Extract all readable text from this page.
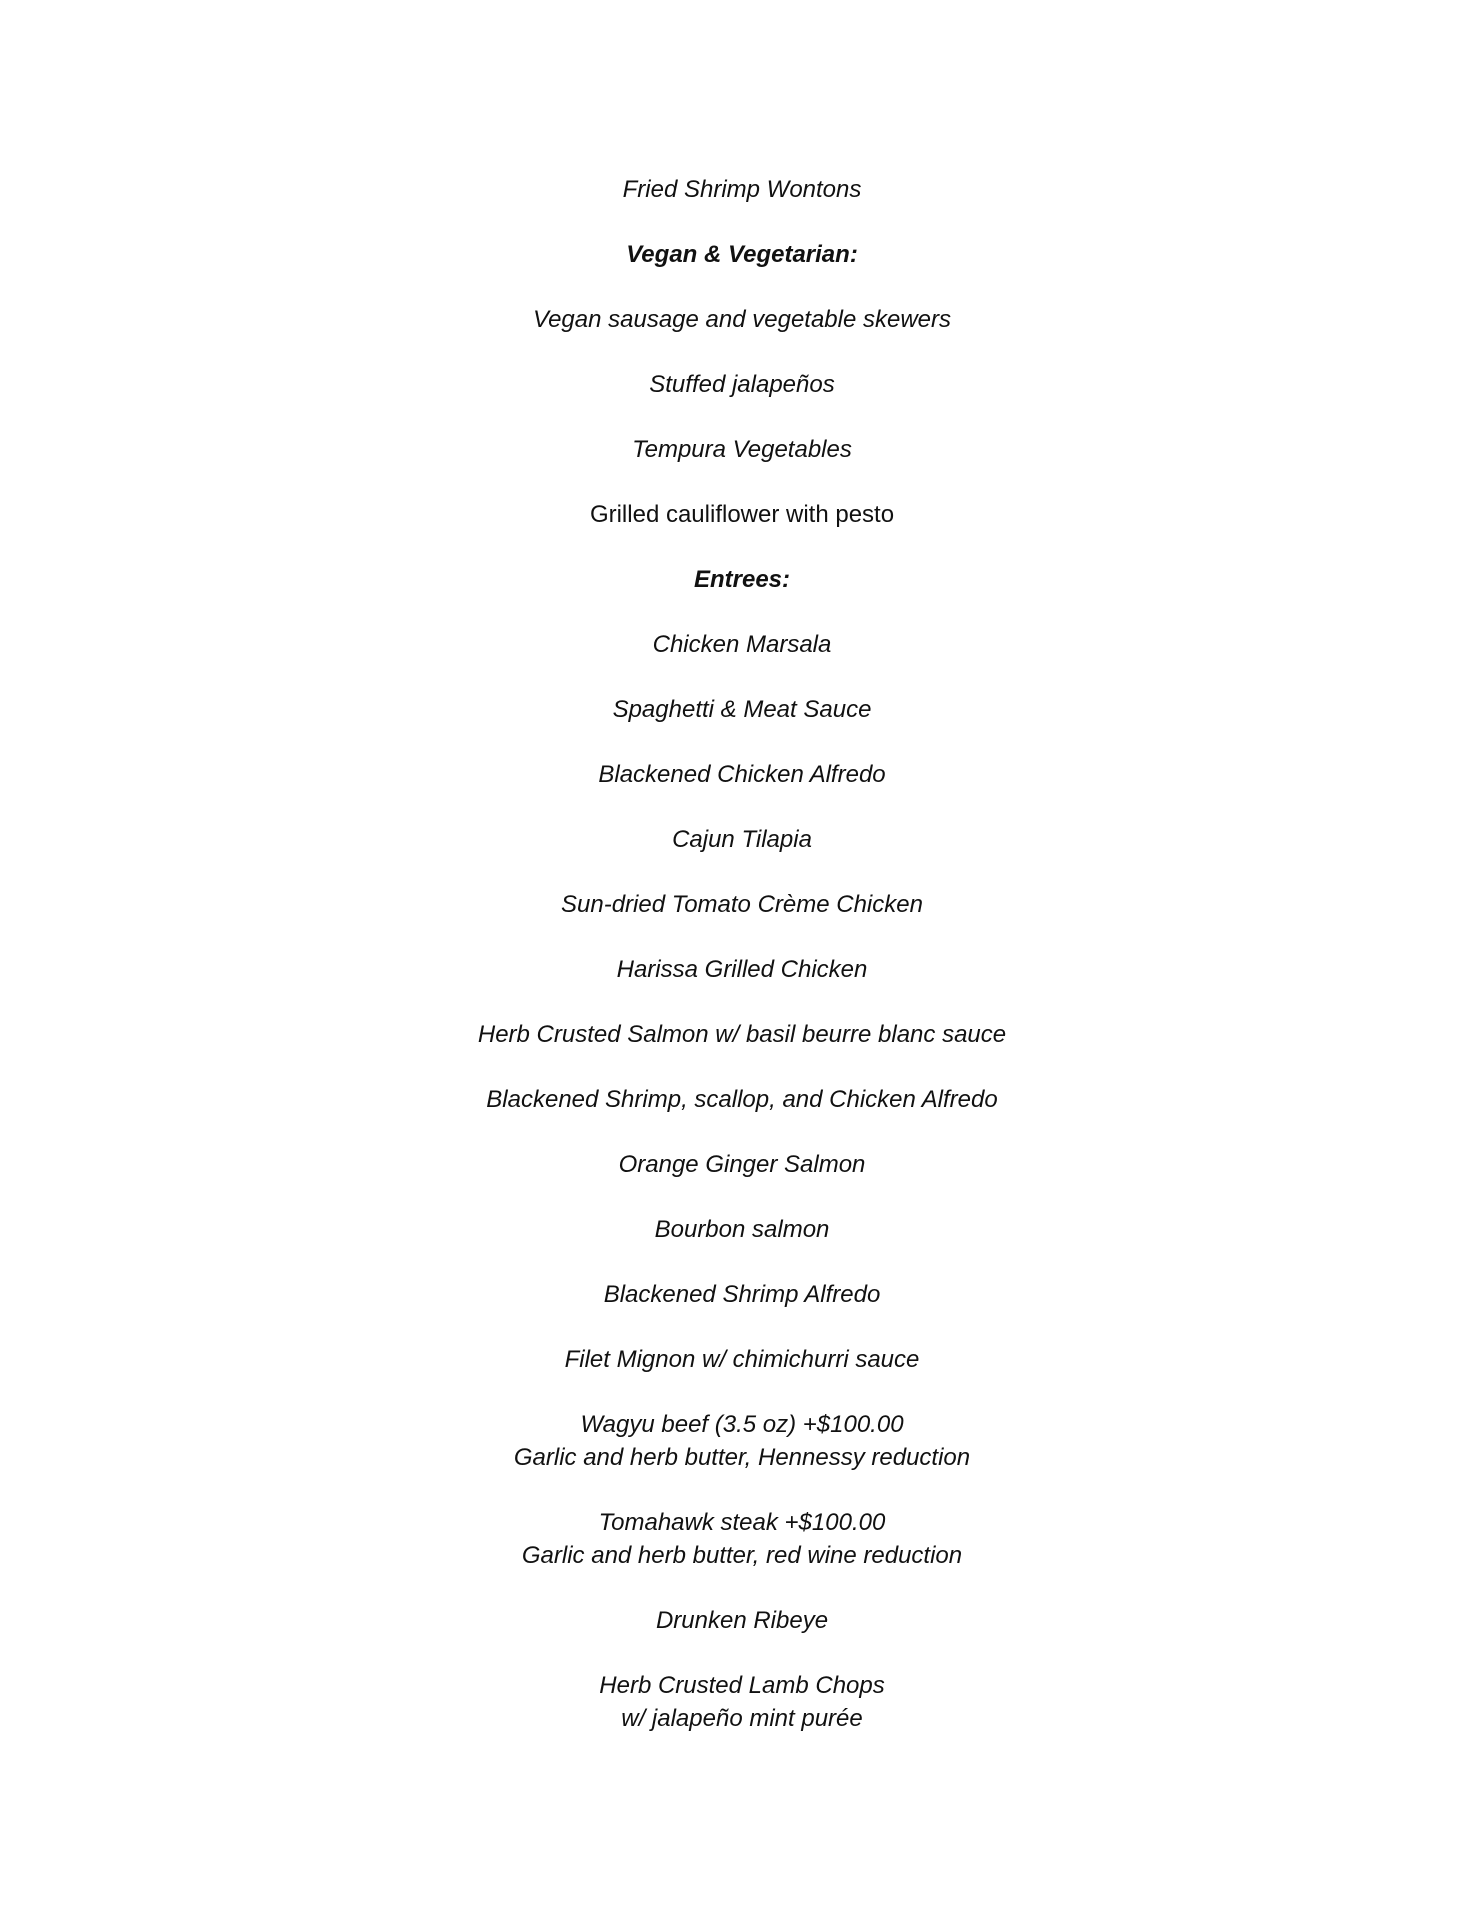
Fried Shrimp Wontons
Vegan & Vegetarian:
Vegan sausage and vegetable skewers
Stuffed jalapeños
Tempura Vegetables
Grilled cauliflower with pesto
Entrees:
Chicken Marsala
Spaghetti & Meat Sauce
Blackened Chicken Alfredo
Cajun Tilapia
Sun-dried Tomato Crème Chicken
Harissa Grilled Chicken
Herb Crusted Salmon w/ basil beurre blanc sauce
Blackened Shrimp, scallop, and Chicken Alfredo
Orange Ginger Salmon
Bourbon salmon
Blackened Shrimp Alfredo
Filet Mignon w/ chimichurri sauce
Wagyu beef (3.5 oz) +$100.00
Garlic and herb butter, Hennessy reduction
Tomahawk steak +$100.00
Garlic and herb butter, red wine reduction
Drunken Ribeye
Herb Crusted Lamb Chops
w/ jalapeño mint purée
